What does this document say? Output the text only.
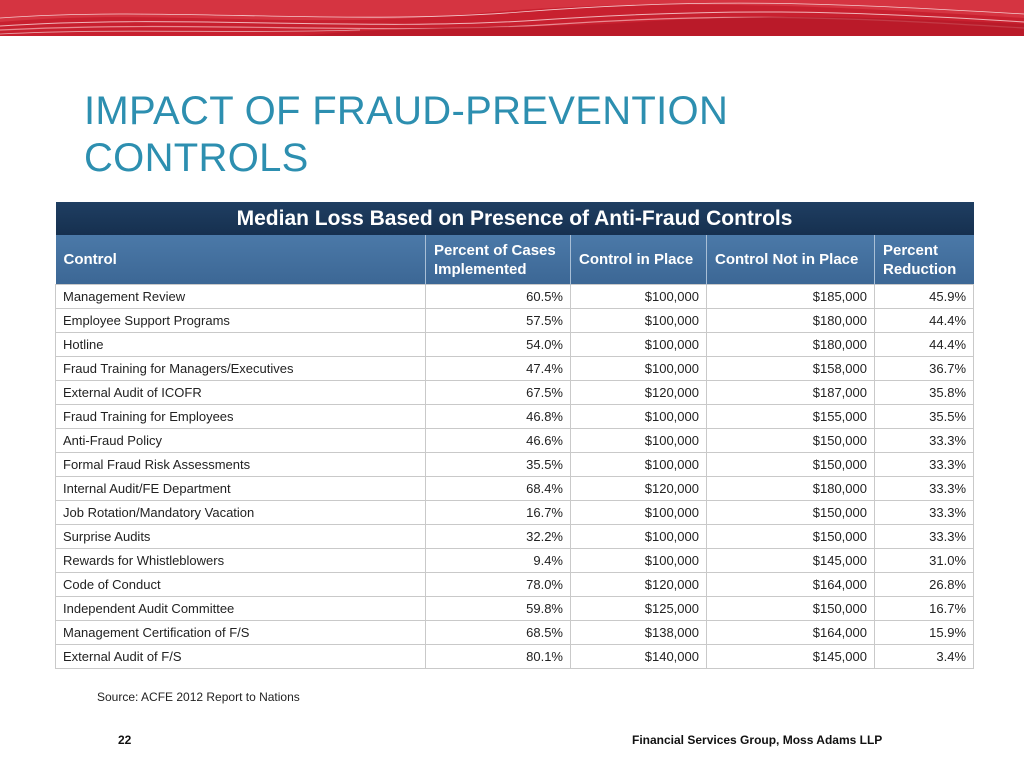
IMPACT OF FRAUD-PREVENTION
CONTROLS
Median Loss Based on Presence of Anti-Fraud Controls				
Control	Percent of Cases Implemented	Control in Place	Control Not in Place	Percent Reduction
Management Review	60.5%	$100,000	$185,000	45.9%
Employee Support Programs	57.5%	$100,000	$180,000	44.4%
Hotline	54.0%	$100,000	$180,000	44.4%
Fraud Training for Managers/Executives	47.4%	$100,000	$158,000	36.7%
External Audit of ICOFR	67.5%	$120,000	$187,000	35.8%
Fraud Training for Employees	46.8%	$100,000	$155,000	35.5%
Anti-Fraud Policy	46.6%	$100,000	$150,000	33.3%
Formal Fraud Risk Assessments	35.5%	$100,000	$150,000	33.3%
Internal Audit/FE Department	68.4%	$120,000	$180,000	33.3%
Job Rotation/Mandatory Vacation	16.7%	$100,000	$150,000	33.3%
Surprise Audits	32.2%	$100,000	$150,000	33.3%
Rewards for Whistleblowers	9.4%	$100,000	$145,000	31.0%
Code of Conduct	78.0%	$120,000	$164,000	26.8%
Independent Audit Committee	59.8%	$125,000	$150,000	16.7%
Management Certification of F/S	68.5%	$138,000	$164,000	15.9%
External Audit of F/S	80.1%	$140,000	$145,000	3.4%
Source: ACFE 2012 Report to Nations
22	Financial Services Group, Moss Adams LLP
